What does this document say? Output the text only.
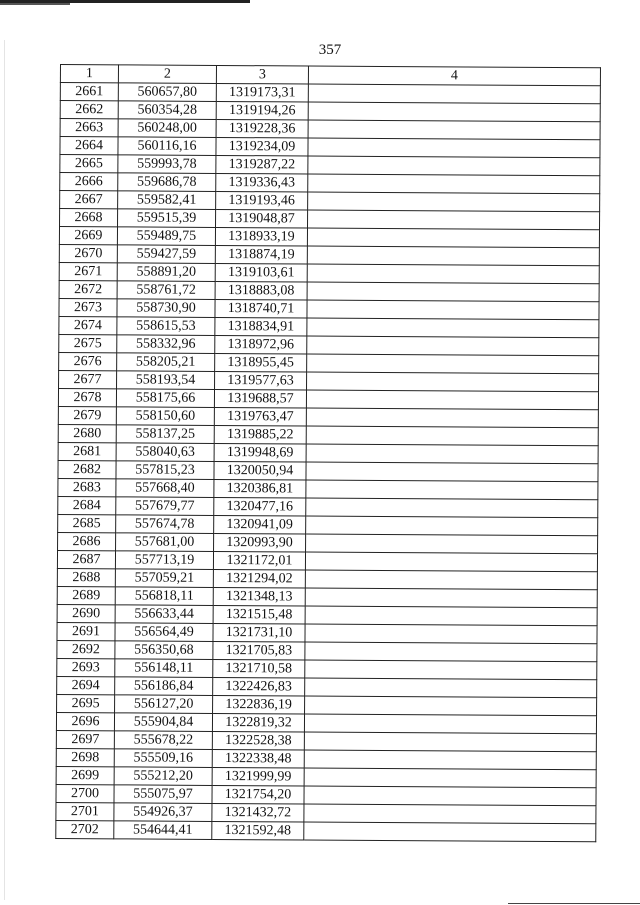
357
1	2	3	4
2661	560657,80	1319173,31	
2662	560354,28	1319194,26	
2663	560248,00	1319228,36	
2664	560116,16	1319234,09	
2665	559993,78	1319287,22	
2666	559686,78	1319336,43	
2667	559582,41	1319193,46	
2668	559515,39	1319048,87	
2669	559489,75	1318933,19	
2670	559427,59	1318874,19	
2671	558891,20	1319103,61	
2672	558761,72	1318883,08	
2673	558730,90	1318740,71	
2674	558615,53	1318834,91	
2675	558332,96	1318972,96	
2676	558205,21	1318955,45	
2677	558193,54	1319577,63	
2678	558175,66	1319688,57	
2679	558150,60	1319763,47	
2680	558137,25	1319885,22	
2681	558040,63	1319948,69	
2682	557815,23	1320050,94	
2683	557668,40	1320386,81	
2684	557679,77	1320477,16	
2685	557674,78	1320941,09	
2686	557681,00	1320993,90	
2687	557713,19	1321172,01	
2688	557059,21	1321294,02	
2689	556818,11	1321348,13	
2690	556633,44	1321515,48	
2691	556564,49	1321731,10	
2692	556350,68	1321705,83	
2693	556148,11	1321710,58	
2694	556186,84	1322426,83	
2695	556127,20	1322836,19	
2696	555904,84	1322819,32	
2697	555678,22	1322528,38	
2698	555509,16	1322338,48	
2699	555212,20	1321999,99	
2700	555075,97	1321754,20	
2701	554926,37	1321432,72	
2702	554644,41	1321592,48	
